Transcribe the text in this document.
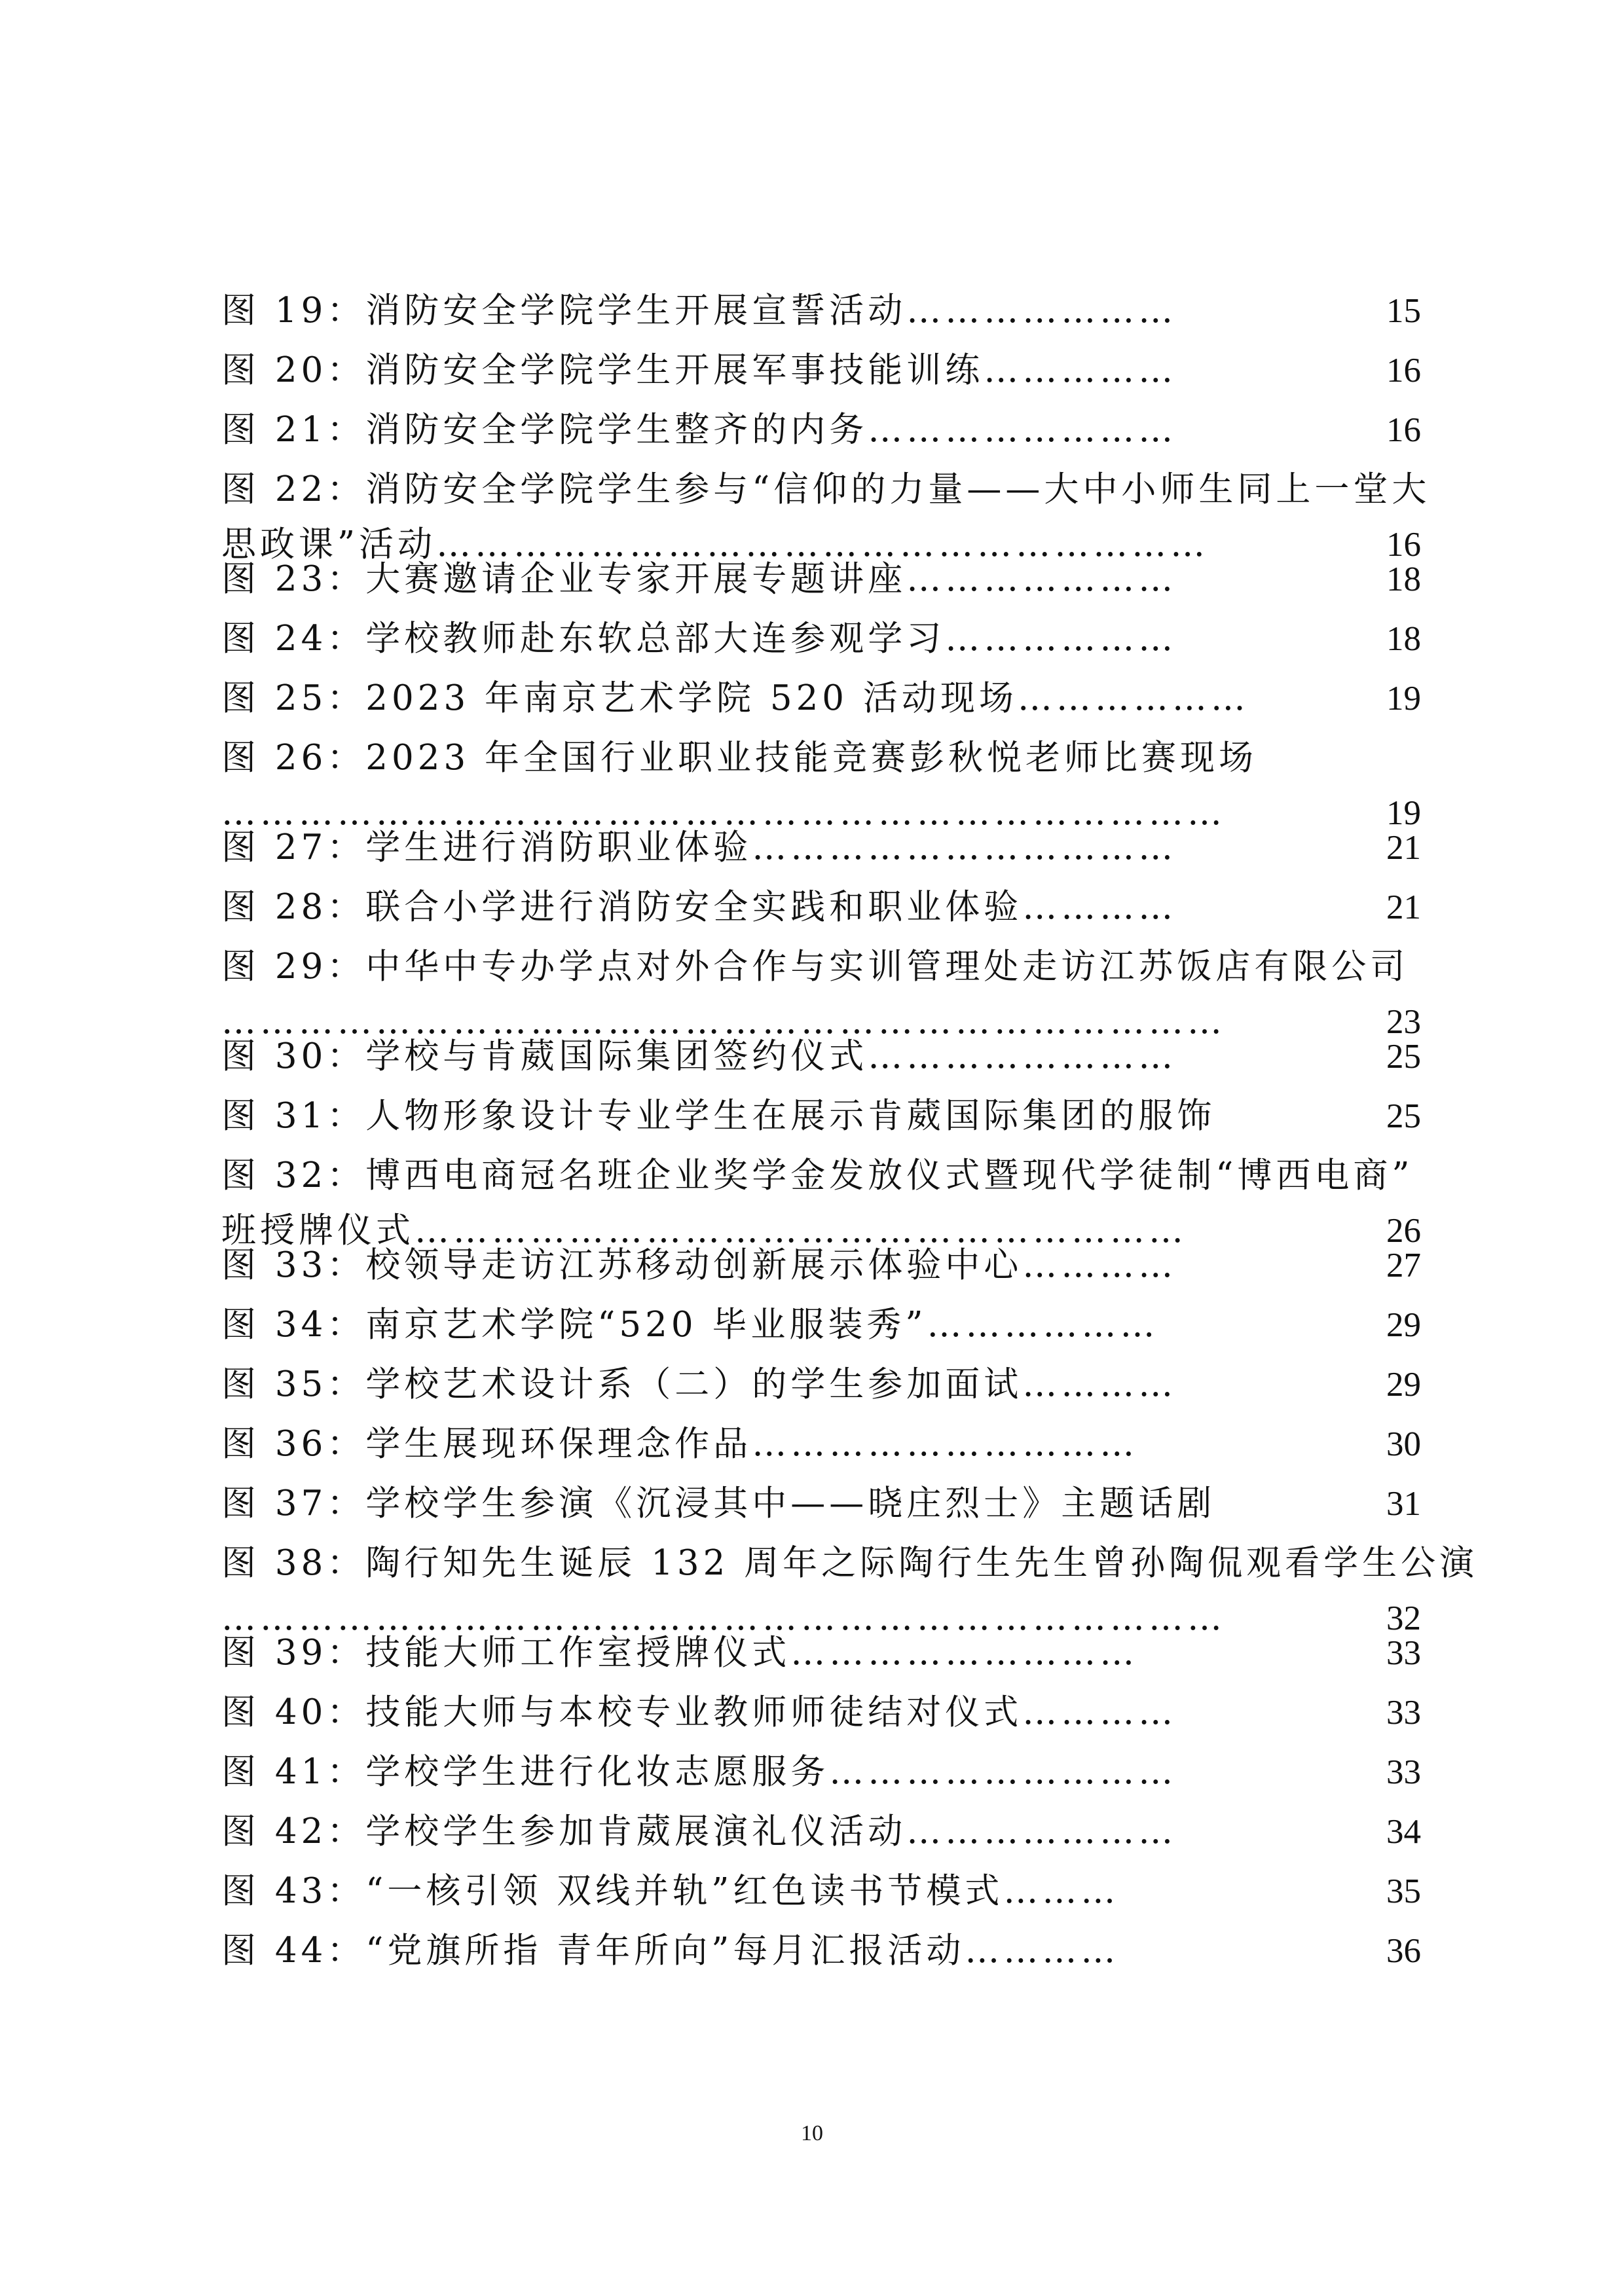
图 19：消防安全学院学生开展宣誓活动…………………	15
图 20：消防安全学院学生开展军事技能训练……………	16
图 21：消防安全学院学生整齐的内务……………………	16
图 22：消防安全学院学生参与“信仰的力量——大中小师生同上一堂大
思政课”活动……………………………………………………	16
图 23：大赛邀请企业专家开展专题讲座…………………	18
图 24：学校教师赴东软总部大连参观学习………………	18
图 25：2023 年南京艺术学院 520 活动现场………………	19
图 26：2023 年全国行业职业技能竞赛彭秋悦老师比赛现场
……………………………………………………………………	19
图 27：学生进行消防职业体验……………………………	21
图 28：联合小学进行消防安全实践和职业体验…………	21
图 29：中华中专办学点对外合作与实训管理处走访江苏饭店有限公司
……………………………………………………………………	23
图 30：学校与肯葳国际集团签约仪式……………………	25
图 31：人物形象设计专业学生在展示肯葳国际集团的服饰	25
图 32：博西电商冠名班企业奖学金发放仪式暨现代学徒制“博西电商”
班授牌仪式……………………………………………………	26
图 33：校领导走访江苏移动创新展示体验中心…………	27
图 34：南京艺术学院“520 毕业服装秀”………………	29
图 35：学校艺术设计系（二）的学生参加面试…………	29
图 36：学生展现环保理念作品…………………………	30
图 37：学校学生参演《沉浸其中——晓庄烈士》主题话剧	31
图 38：陶行知先生诞辰 132 周年之际陶行生先生曾孙陶侃观看学生公演
……………………………………………………………………	32
图 39：技能大师工作室授牌仪式………………………	33
图 40：技能大师与本校专业教师师徒结对仪式…………	33
图 41：学校学生进行化妆志愿服务………………………	33
图 42：学校学生参加肯葳展演礼仪活动…………………	34
图 43：“一核引领 双线并轨”红色读书节模式………	35
图 44：“党旗所指 青年所向”每月汇报活动…………	36
10
